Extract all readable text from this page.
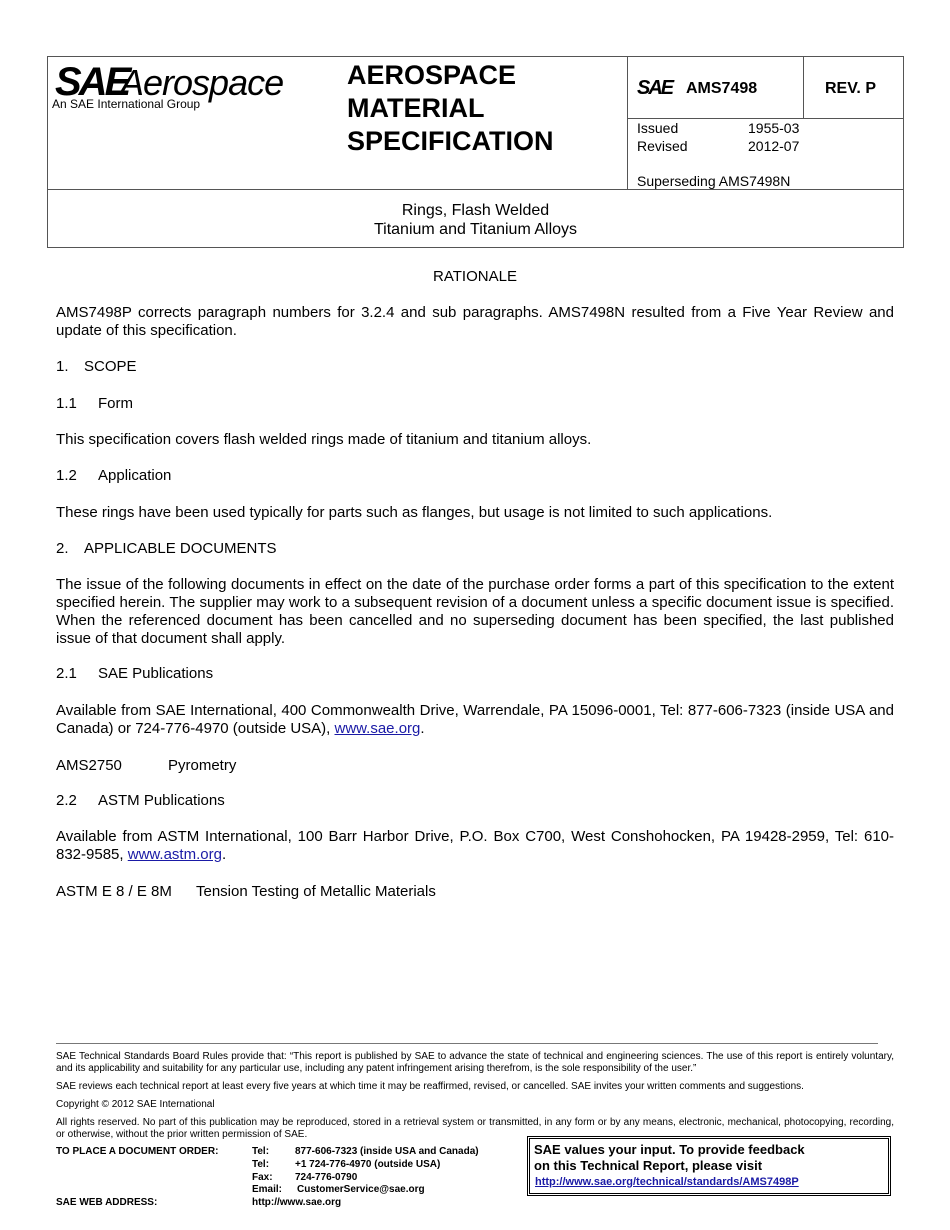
SAE
Aerospace
An SAE International Group
AEROSPACE
MATERIAL
SPECIFICATION
SAE AMS7498	REV. P
Issued	1955-03
Revised	2012-07
Superseding AMS7498N
Rings, Flash Welded
Titanium and Titanium Alloys
RATIONALE
AMS7498P corrects paragraph numbers for 3.2.4 and sub paragraphs. AMS7498N resulted from a Five Year Review and update of this specification.
1. SCOPE
1.1 Form
This specification covers flash welded rings made of titanium and titanium alloys.
1.2 Application
These rings have been used typically for parts such as flanges, but usage is not limited to such applications.
2. APPLICABLE DOCUMENTS
The issue of the following documents in effect on the date of the purchase order forms a part of this specification to the extent specified herein. The supplier may work to a subsequent revision of a document unless a specific document issue is specified. When the referenced document has been cancelled and no superseding document has been specified, the last published issue of that document shall apply.
2.1 SAE Publications
Available from SAE International, 400 Commonwealth Drive, Warrendale, PA 15096-0001, Tel: 877-606-7323 (inside USA and Canada) or 724-776-4970 (outside USA), www.sae.org.
AMS2750	Pyrometry
2.2 ASTM Publications
Available from ASTM International, 100 Barr Harbor Drive, P.O. Box C700, West Conshohocken, PA 19428-2959, Tel: 610-832-9585, www.astm.org.
ASTM E 8 / E 8M Tension Testing of Metallic Materials
SAE Technical Standards Board Rules provide that: “This report is published by SAE to advance the state of technical and engineering sciences. The use of this report is entirely voluntary, and its applicability and suitability for any particular use, including any patent infringement arising therefrom, is the sole responsibility of the user.”
SAE reviews each technical report at least every five years at which time it may be reaffirmed, revised, or cancelled. SAE invites your written comments and suggestions.
Copyright © 2012 SAE International
All rights reserved. No part of this publication may be reproduced, stored in a retrieval system or transmitted, in any form or by any means, electronic, mechanical, photocopying, recording, or otherwise, without the prior written permission of SAE.
TO PLACE A DOCUMENT ORDER:	Tel:	877-606-7323 (inside USA and Canada)
Tel:	+1 724-776-4970 (outside USA)
Fax: 724-776-0790
Email: CustomerService@sae.org
SAE WEB ADDRESS:	http://www.sae.org
SAE values your input. To provide feedback
on this Technical Report, please visit
http://www.sae.org/technical/standards/AMS7498P
